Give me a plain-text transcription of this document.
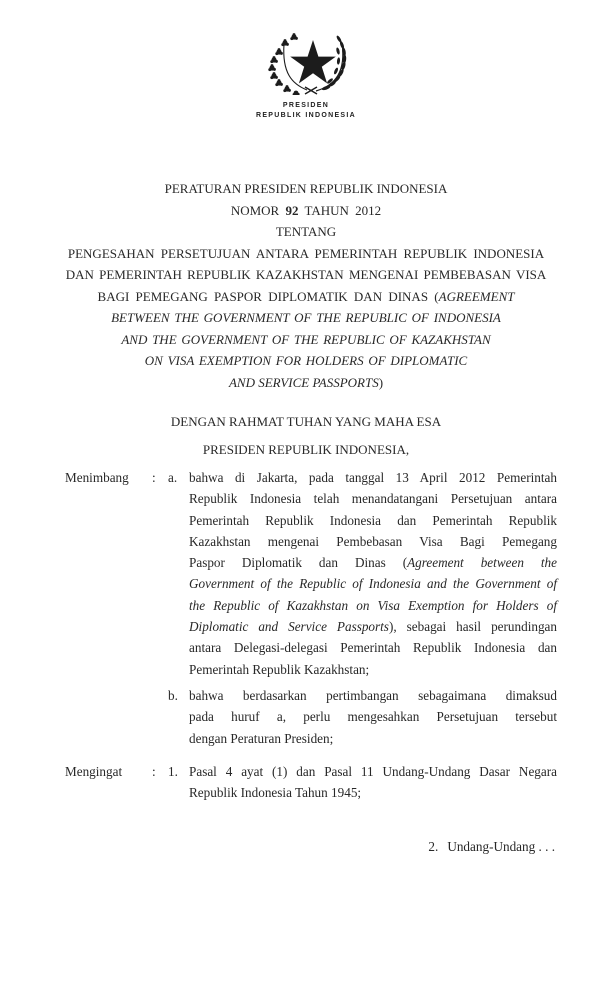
PRESIDEN
REPUBLIK INDONESIA
PERATURAN PRESIDEN REPUBLIK INDONESIA
NOMOR 92 TAHUN 2012
TENTANG
PENGESAHAN PERSETUJUAN ANTARA PEMERINTAH REPUBLIK INDONESIA
DAN PEMERINTAH REPUBLIK KAZAKHSTAN MENGENAI PEMBEBASAN VISA
BAGI PEMEGANG PASPOR DIPLOMATIK DAN DINAS (AGREEMENT
BETWEEN THE GOVERNMENT OF THE REPUBLIC OF INDONESIA
AND THE GOVERNMENT OF THE REPUBLIC OF KAZAKHSTAN
ON VISA EXEMPTION FOR HOLDERS OF DIPLOMATIC
AND SERVICE PASSPORTS)
DENGAN RAHMAT TUHAN YANG MAHA ESA
PRESIDEN REPUBLIK INDONESIA,
Menimbang	: a. bahwa di Jakarta, pada tanggal 13 April 2012 Pemerintah
Republik Indonesia telah menandatangani Persetujuan antara
Pemerintah Republik Indonesia dan Pemerintah Republik
Kazakhstan mengenai Pembebasan Visa Bagi Pemegang
Paspor Diplomatik dan Dinas (Agreement between the
Government of the Republic of Indonesia and the Government of
the Republic of Kazakhstan on Visa Exemption for Holders of
Diplomatic and Service Passports), sebagai hasil perundingan
antara Delegasi-delegasi Pemerintah Republik Indonesia dan
Pemerintah Republik Kazakhstan;
b. bahwa berdasarkan pertimbangan sebagaimana dimaksud
pada huruf a, perlu mengesahkan Persetujuan tersebut
dengan Peraturan Presiden;
Mengingat	: 1. Pasal 4 ayat (1) dan Pasal 11 Undang-Undang Dasar Negara
Republik Indonesia Tahun 1945;
2. Undang-Undang . . .
